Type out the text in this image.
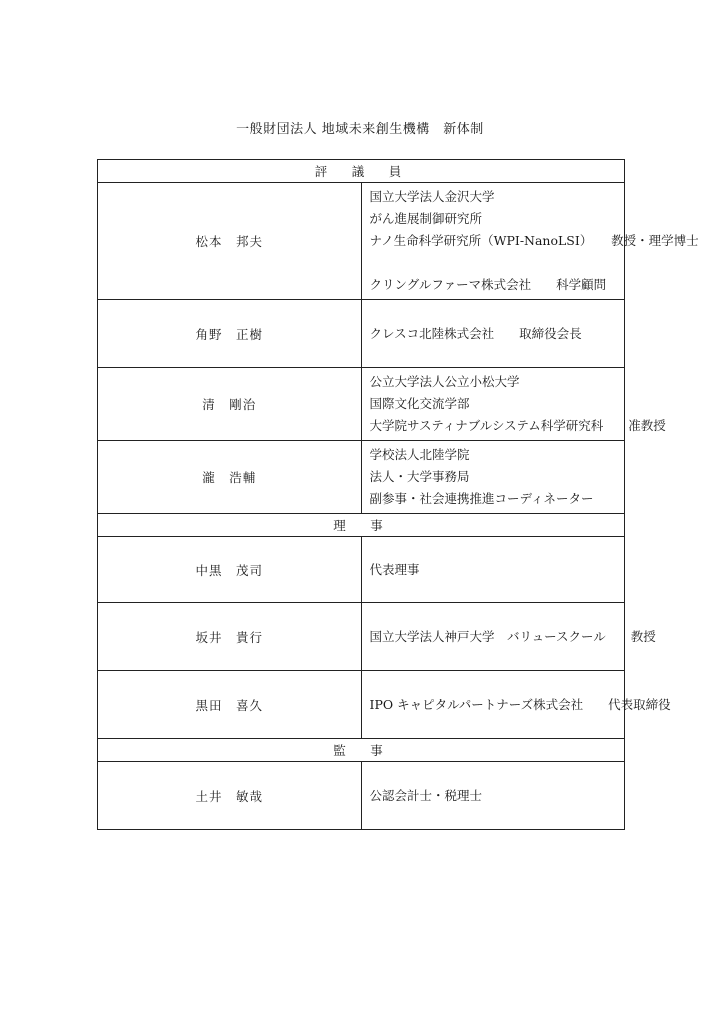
一般財団法人 地域未来創生機構　新体制
評　議　員	
松本　邦夫	国立大学法人金沢大学
がん進展制御研究所
ナノ生命科学研究所（WPI-NanoLSI）　　教授・理学博士
クリングルファーマ株式会社　　科学顧問

角野　正樹	クレスコ北陸株式会社　　取締役会長

清　剛治	公立大学法人公立小松大学
国際文化交流学部
大学院サスティナブルシステム科学研究科　　准教授

瀧　浩輔	学校法人北陸学院
法人・大学事務局
副参事・社会連携推進コーディネーター

理　事	
中黒　茂司	代表理事

坂井　貴行	国立大学法人神戸大学　バリュースクール　　教授

黒田　喜久	IPO キャピタルパートナーズ株式会社　　代表取締役

監　事	
土井　敏哉	公認会計士・税理士
